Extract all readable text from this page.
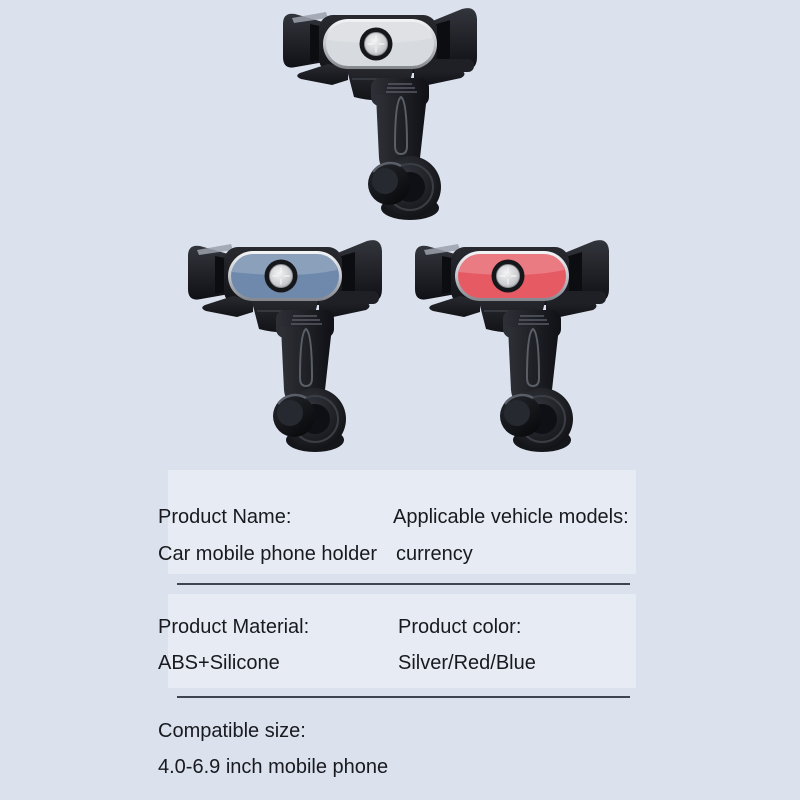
Product Name:
Car mobile phone holder
Applicable vehicle models:
currency
Product Material:
ABS+Silicone
Product color:
Silver/Red/Blue
Compatible size:
4.0-6.9 inch mobile phone
